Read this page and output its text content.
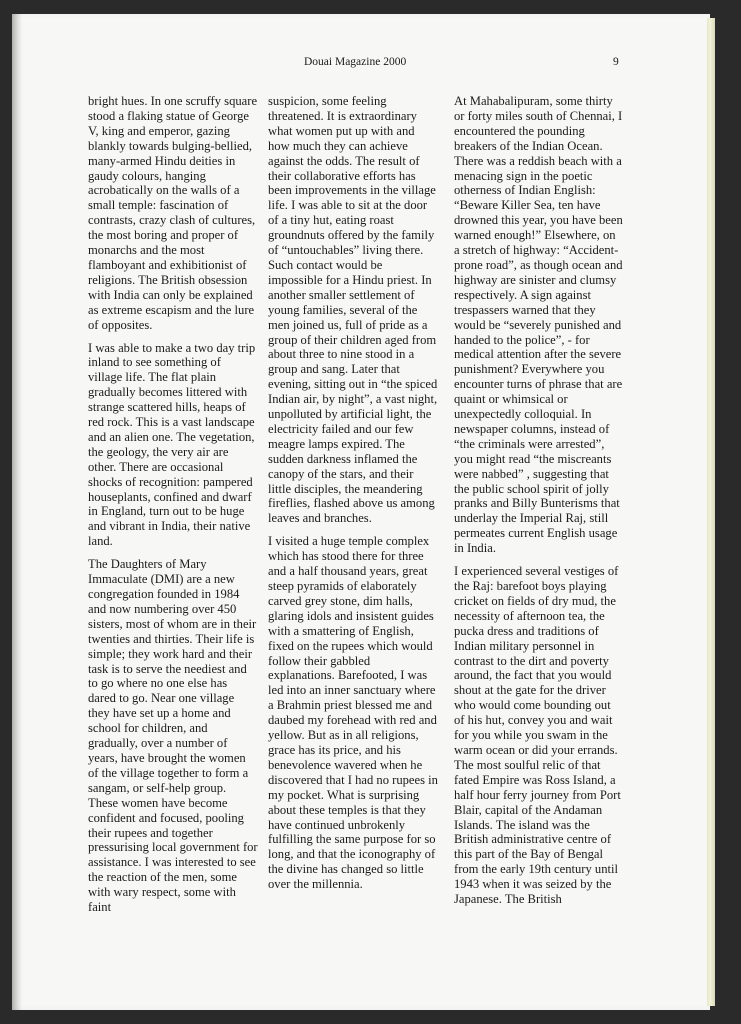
Douai Magazine 2000	9

bright hues. In one scruffy square stood a flaking statue of George V, king and emperor, gazing blankly towards bulging-bellied, many-armed Hindu deities in gaudy colours, hanging acrobatically on the walls of a small temple: fascination of contrasts, crazy clash of cultures, the most boring and proper of monarchs and the most flamboyant and exhibitionist of religions. The British obsession with India can only be explained as extreme escapism and the lure of opposites.

I was able to make a two day trip inland to see something of village life. The flat plain gradually becomes littered with strange scattered hills, heaps of red rock. This is a vast landscape and an alien one. The vegetation, the geology, the very air are other. There are occasional shocks of recognition: pampered houseplants, confined and dwarf in England, turn out to be huge and vibrant in India, their native land.

The Daughters of Mary Immaculate (DMI) are a new congregation founded in 1984 and now numbering over 450 sisters, most of whom are in their twenties and thirties. Their life is simple; they work hard and their task is to serve the neediest and to go where no one else has dared to go. Near one village they have set up a home and school for children, and gradually, over a number of years, have brought the women of the village together to form a sangam, or self-help group. These women have become confident and focused, pooling their rupees and together pressurising local government for assistance. I was interested to see the reaction of the men, some with wary respect, some with faint

suspicion, some feeling threatened. It is extraordinary what women put up with and how much they can achieve against the odds. The result of their collaborative efforts has been improvements in the village life. I was able to sit at the door of a tiny hut, eating roast groundnuts offered by the family of “untouchables” living there. Such contact would be impossible for a Hindu priest. In another smaller settlement of young families, several of the men joined us, full of pride as a group of their children aged from about three to nine stood in a group and sang. Later that evening, sitting out in “the spiced Indian air, by night”, a vast night, unpolluted by artificial light, the electricity failed and our few meagre lamps expired. The sudden darkness inflamed the canopy of the stars, and their little disciples, the meandering fireflies, flashed above us among leaves and branches.

I visited a huge temple complex which has stood there for three and a half thousand years, great steep pyramids of elaborately carved grey stone, dim halls, glaring idols and insistent guides with a smattering of English, fixed on the rupees which would follow their gabbled explanations. Barefooted, I was led into an inner sanctuary where a Brahmin priest blessed me and daubed my forehead with red and yellow. But as in all religions, grace has its price, and his benevolence wavered when he discovered that I had no rupees in my pocket. What is surprising about these temples is that they have continued unbrokenly fulfilling the same purpose for so long, and that the iconography of the divine has changed so little over the millennia.

At Mahabalipuram, some thirty or forty miles south of Chennai, I encountered the pounding breakers of the Indian Ocean. There was a reddish beach with a menacing sign in the poetic otherness of Indian English: “Beware Killer Sea, ten have drowned this year, you have been warned enough!” Elsewhere, on a stretch of highway: “Accident-prone road”, as though ocean and highway are sinister and clumsy respectively. A sign against trespassers warned that they would be “severely punished and handed to the police”, - for medical attention after the severe punishment? Everywhere you encounter turns of phrase that are quaint or whimsical or unexpectedly colloquial. In newspaper columns, instead of “the criminals were arrested”, you might read “the miscreants were nabbed” , suggesting that the public school spirit of jolly pranks and Billy Bunterisms that underlay the Imperial Raj, still permeates current English usage in India.

I experienced several vestiges of the Raj: barefoot boys playing cricket on fields of dry mud, the necessity of afternoon tea, the pucka dress and traditions of Indian military personnel in contrast to the dirt and poverty around, the fact that you would shout at the gate for the driver who would come bounding out of his hut, convey you and wait for you while you swam in the warm ocean or did your errands. The most soulful relic of that fated Empire was Ross Island, a half hour ferry journey from Port Blair, capital of the Andaman Islands. The island was the British administrative centre of this part of the Bay of Bengal from the early 19th century until 1943 when it was seized by the Japanese. The British
